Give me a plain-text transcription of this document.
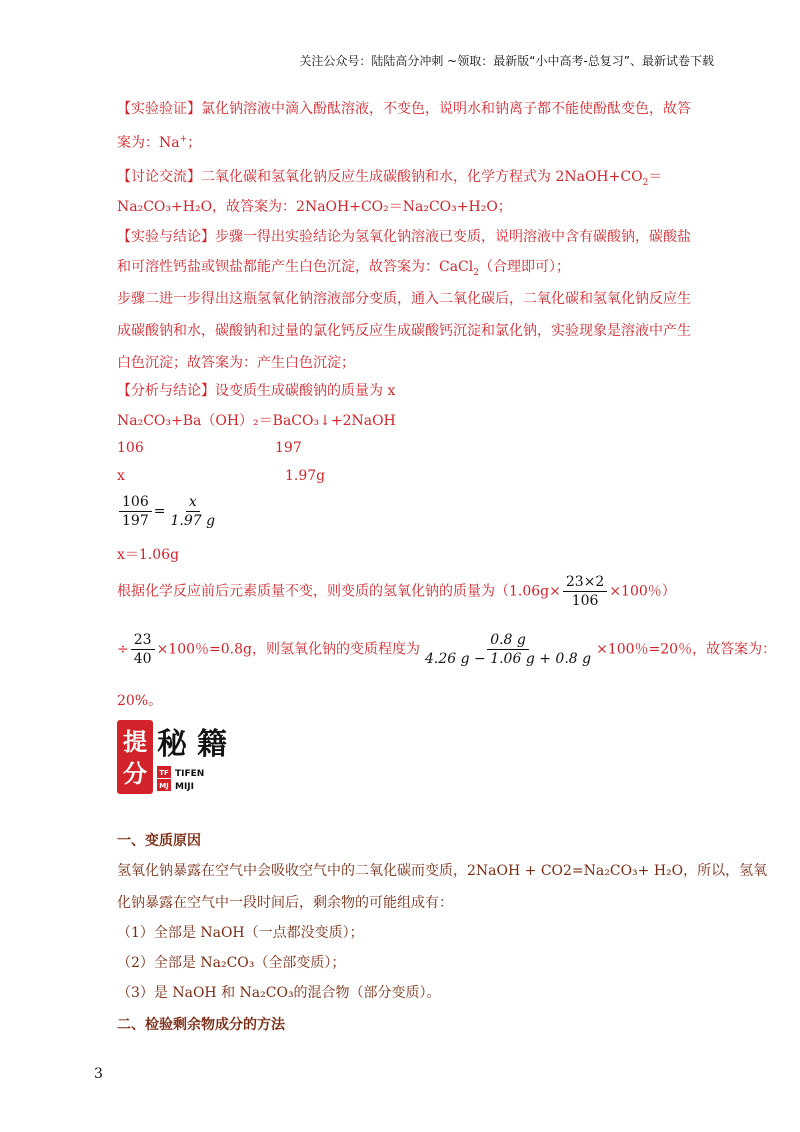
关注公众号：陆陆高分冲刺 ~领取：最新版“小中高考-总复习”、最新试卷下载
【实验验证】氯化钠溶液中滴入酚酞溶液，不变色，说明水和钠离子都不能使酚酞变色，故答
案为：Na+；
【讨论交流】二氧化碳和氢氧化钠反应生成碳酸钠和水，化学方程式为 $2NaOH+CO_2=$
Na₂CO₃+H₂O，故答案为：2NaOH+CO₂＝Na₂CO₃+H₂O；
【实验与结论】步骤一得出实验结论为氢氧化钠溶液已变质，说明溶液中含有碳酸钠，碳酸盐
和可溶性钙盐或钡盐都能产生白色沉淀，故答案为：CaCl$_2$（合理即可）；
步骤二进一步得出这瓶氢氧化钠溶液部分变质，通入二氧化碳后，二氧化碳和氢氧化钠反应生
成碳酸钠和水，碳酸钠和过量的氯化钙反应生成碳酸钙沉淀和氯化钠，实验现象是溶液中产生
白色沉淀；故答案为：产生白色沉淀；
【分析与结论】设变质生成碳酸钠的质量为 x
Na₂CO₃+Ba（OH）₂＝BaCO₃↓+2NaOH
106	197
x	1.97g
$\frac{106}{197} = \frac{x}{1.97 g}$
x＝1.06g
根据化学反应前后元素质量不变，则变质的氢氧化钠的质量为（$1.06g\times \frac{23\times 2}{106} \times 100$％）
÷ $\frac{23}{40} \times 100$％=0.8g，则氢氧化钠的变质程度为 $\frac{0.8 g}{4.26 g - 1.06 g + 0.8 g} \times 100$％=20％，故答案为：
20%。
提
分
秘 籍
TF
MJ
TIFEN
MIJI
一、变质原因
氢氧化钠暴露在空气中会吸收空气中的二氧化碳而变质，2NaOH + CO2=Na₂CO₃+ H₂O，所以，氢氧
化钠暴露在空气中一段时间后，剩余物的可能组成有：
（1）全部是 NaOH（一点都没变质）；
（2）全部是 Na₂CO₃（全部变质）；
（3）是 NaOH 和 Na₂CO₃的混合物（部分变质）。
二、检验剩余物成分的方法
3
